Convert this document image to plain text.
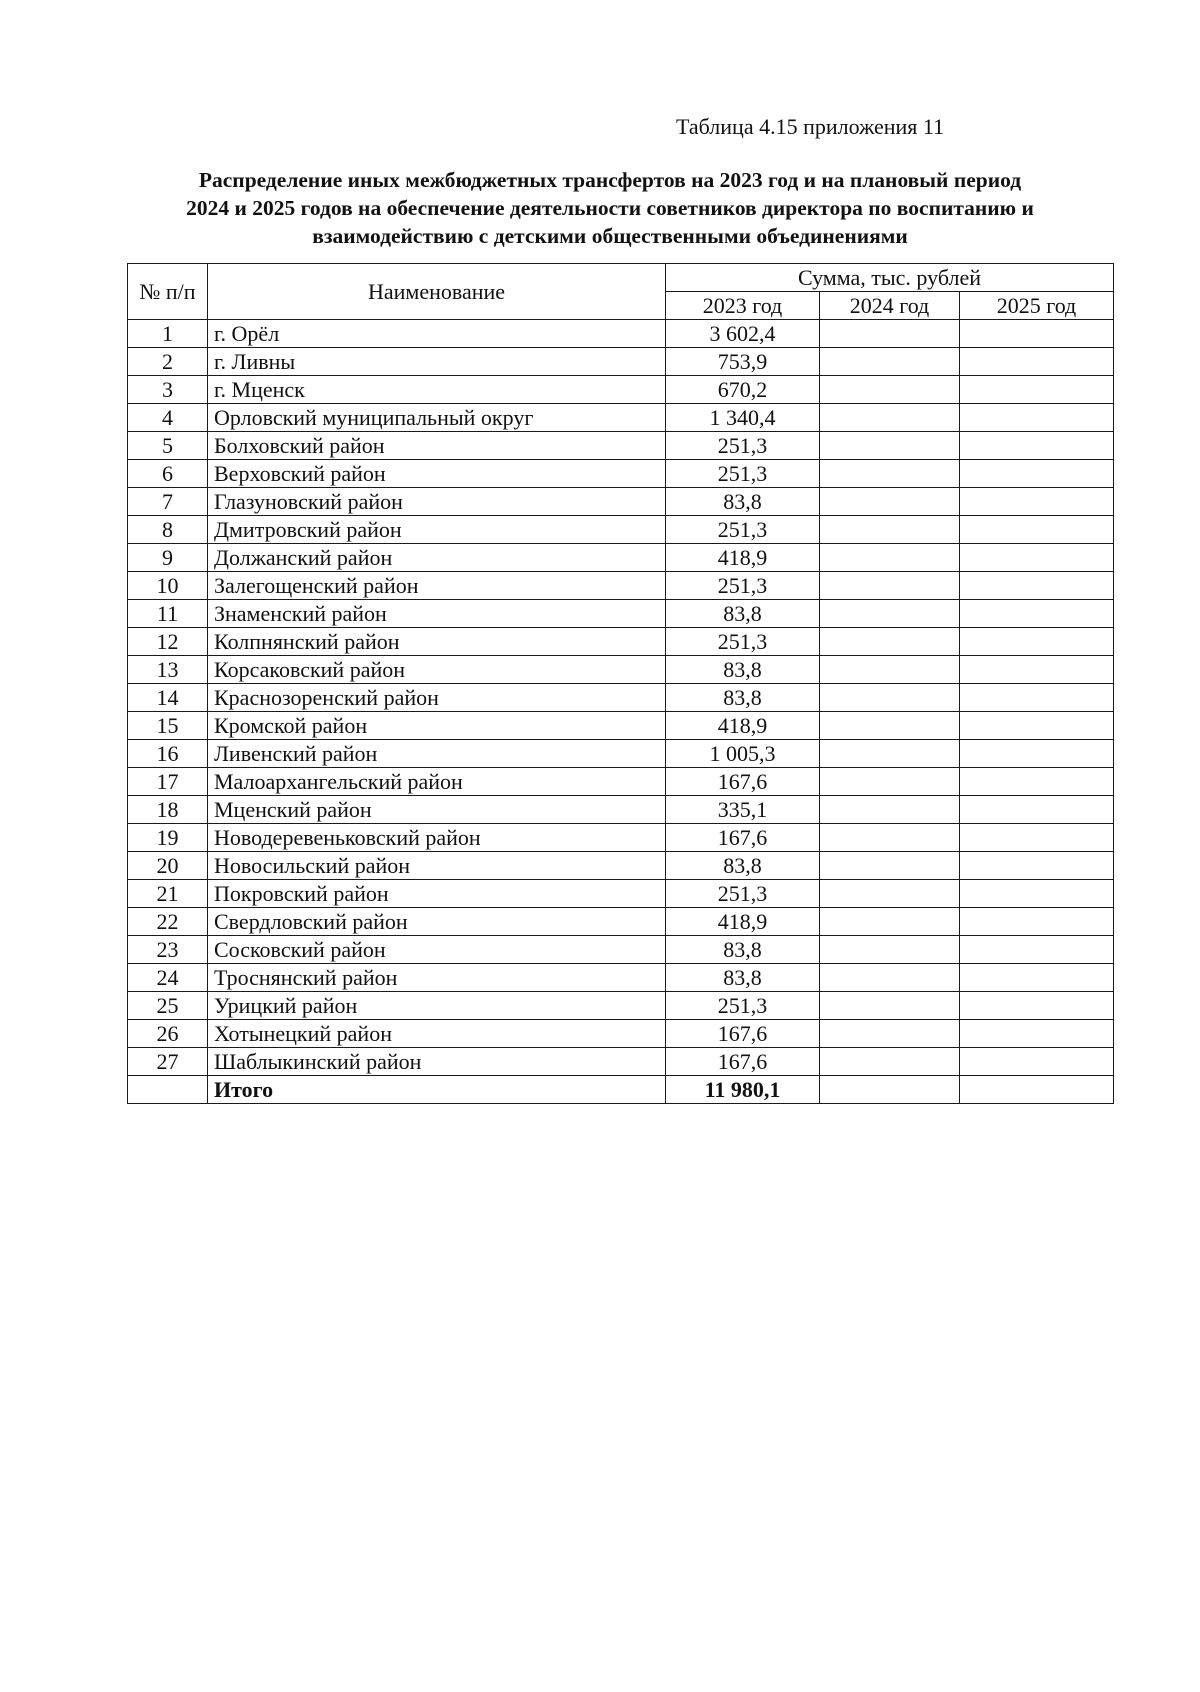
Таблица 4.15 приложения 11
Распределение иных межбюджетных трансфертов на 2023 год и на плановый период
2024 и 2025 годов на обеспечение деятельности советников директора по воспитанию и
взаимодействию с детскими общественными объединениями
№ п/п	Наименование	Сумма, тыс. рублей		
		2023 год	2024 год	2025 год
1	г. Орёл	3 602,4		
2	г. Ливны	753,9		
3	г. Мценск	670,2		
4	Орловский муниципальный округ	1 340,4		
5	Болховский район	251,3		
6	Верховский район	251,3		
7	Глазуновский район	83,8		
8	Дмитровский район	251,3		
9	Должанский район	418,9		
10	Залегощенский район	251,3		
11	Знаменский район	83,8		
12	Колпнянский район	251,3		
13	Корсаковский район	83,8		
14	Краснозоренский район	83,8		
15	Кромской район	418,9		
16	Ливенский район	1 005,3		
17	Малоархангельский район	167,6		
18	Мценский район	335,1		
19	Новодеревеньковский район	167,6		
20	Новосильский район	83,8		
21	Покровский район	251,3		
22	Свердловский район	418,9		
23	Сосковский район	83,8		
24	Троснянский район	83,8		
25	Урицкий район	251,3		
26	Хотынецкий район	167,6		
27	Шаблыкинский район	167,6		
	Итого	11 980,1		
